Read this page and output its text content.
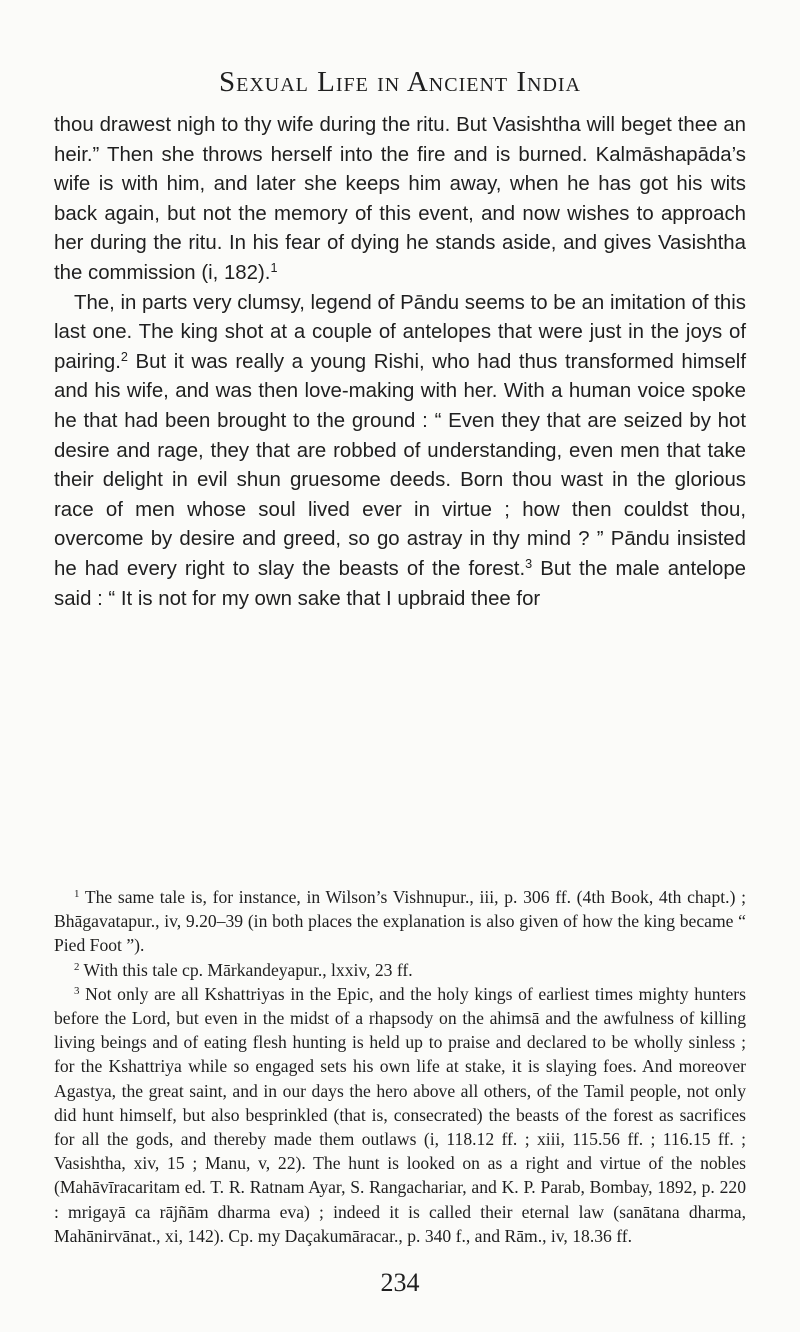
Sexual Life in Ancient India

thou drawest nigh to thy wife during the ritu. But Vasishtha will beget thee an heir.” Then she throws herself into the fire and is burned. Kalmāshapāda’s wife is with him, and later she keeps him away, when he has got his wits back again, but not the memory of this event, and now wishes to approach her during the ritu. In his fear of dying he stands aside, and gives Vasishtha the commission (i, 182).$^1$

The, in parts very clumsy, legend of Pāndu seems to be an imitation of this last one. The king shot at a couple of antelopes that were just in the joys of pairing.$^2$ But it was really a young Rishi, who had thus transformed himself and his wife, and was then love-making with her. With a human voice spoke he that had been brought to the ground : “ Even they that are seized by hot desire and rage, they that are robbed of understanding, even men that take their delight in evil shun gruesome deeds. Born thou wast in the glorious race of men whose soul lived ever in virtue ; how then couldst thou, overcome by desire and greed, so go astray in thy mind ? ” Pāndu insisted he had every right to slay the beasts of the forest.$^3$ But the male antelope said : “ It is not for my own sake that I upbraid thee for

$^1$ The same tale is, for instance, in Wilson’s Vishnupur., iii, p. 306 ff. (4th Book, 4th chapt.) ; Bhāgavatapur., iv, 9.20–39 (in both places the explanation is also given of how the king became “ Pied Foot ”).

$^2$ With this tale cp. Mārkandeyapur., lxxiv, 23 ff.

$^3$ Not only are all Kshattriyas in the Epic, and the holy kings of earliest times mighty hunters before the Lord, but even in the midst of a rhapsody on the ahimsā and the awfulness of killing living beings and of eating flesh hunting is held up to praise and declared to be wholly sinless ; for the Kshattriya while so engaged sets his own life at stake, it is slaying foes. And moreover Agastya, the great saint, and in our days the hero above all others, of the Tamil people, not only did hunt himself, but also besprinkled (that is, consecrated) the beasts of the forest as sacrifices for all the gods, and thereby made them outlaws (i, 118.12 ff. ; xiii, 115.56 ff. ; 116.15 ff. ; Vasishtha, xiv, 15 ; Manu, v, 22). The hunt is looked on as a right and virtue of the nobles (Mahāvīracaritam ed. T. R. Ratnam Ayar, S. Rangachariar, and K. P. Parab, Bombay, 1892, p. 220 : mrigayā ca rājñām dharma eva) ; indeed it is called their eternal law (sanātana dharma, Mahānirvānat., xi, 142). Cp. my Daçakumāracar., p. 340 f., and Rām., iv, 18.36 ff.

234
